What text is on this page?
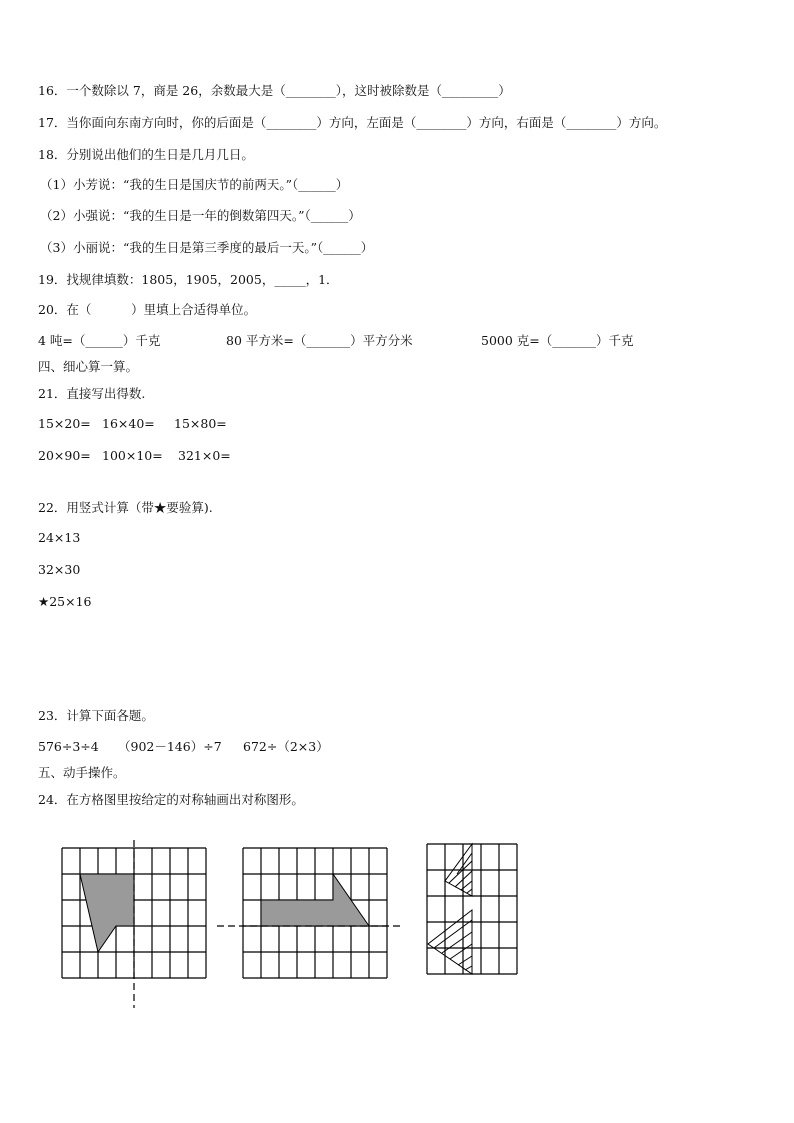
16．一个数除以 7，商是 26，余数最大是（________），这时被除数是（_________）
17．当你面向东南方向时，你的后面是（________）方向，左面是（________）方向，右面是（________）方向。
18．分别说出他们的生日是几月几日。
（1）小芳说：“我的生日是国庆节的前两天。”（______）
（2）小强说：“我的生日是一年的倒数第四天。”（______）
（3）小丽说：“我的生日是第三季度的最后一天。”（______）
19．找规律填数：1805，1905，2005，_____，1．
20．在（          ）里填上合适得单位。
4 吨=（______）千克	80 平方米=（_______）平方分米	5000 克=（_______）千克
四、细心算一算。
21．直接写出得数.
15×20= 16×40= 15×80=
20×90= 100×10= 321×0=
22．用竖式计算（带★要验算).
24×13
32×30
★25×16
23．计算下面各题。
576÷3÷4 （902－146）÷7 672÷（2×3）
五、动手操作。
24．在方格图里按给定的对称轴画出对称图形。
